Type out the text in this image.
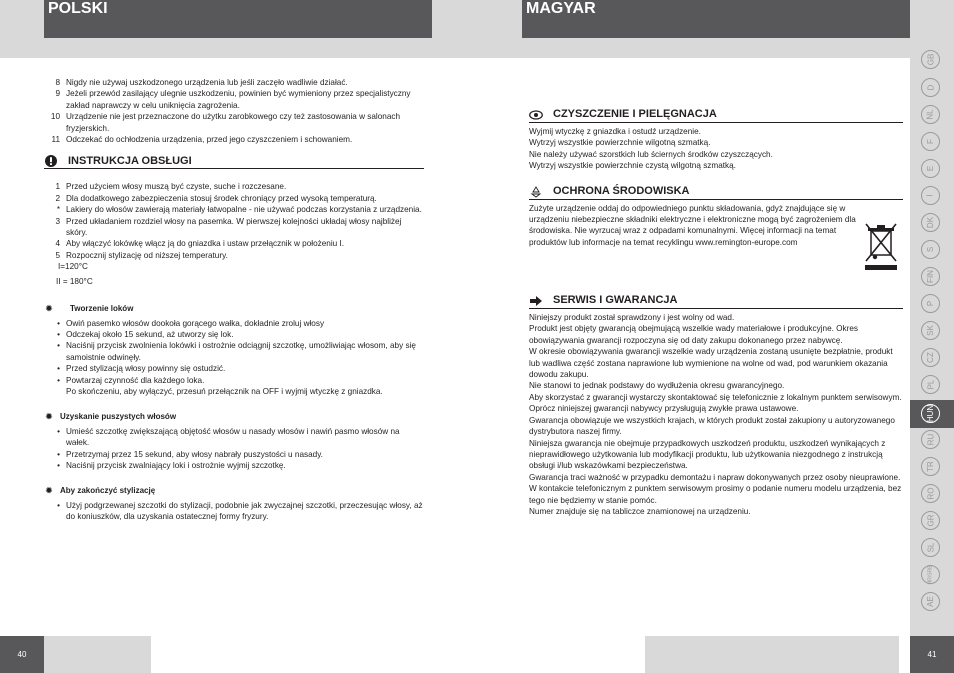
POLSKI	MAGYAR
8 Nigdy nie używaj uszkodzonego urządzenia lub jeśli zaczęło wadliwie działać.
9 Jeżeli przewód zasilający ulegnie uszkodzeniu, powinien być wymieniony przez specjalistyczny zakład naprawczy w celu uniknięcia zagrożenia.
10 Urządzenie nie jest przeznaczone do użytku zarobkowego czy też zastosowania w salonach fryzjerskich.
11 Odczekać do ochłodzenia urządzenia, przed jego czyszczeniem i schowaniem.
INSTRUKCJA OBSŁUGI
1 Przed użyciem włosy muszą być czyste, suche i rozczesane.
2 Dla dodatkowego zabezpieczenia stosuj środek chroniący przed wysoką temperaturą.
* Lakiery do włosów zawierają materiały łatwopalne - nie używać podczas korzystania z urządzenia.
3 Przed układaniem rozdziel włosy na pasemka. W pierwszej kolejności układaj włosy najbliżej skóry.
4 Aby włączyć lokówkę włącz ją do gniazdka i ustaw przełącznik w położeniu I.
5 Rozpocznij stylizację od niższej temperatury.
I=120°C
II = 180°C
✹ Tworzenie loków
• Owiń pasemko włosów dookoła gorącego wałka, dokładnie zroluj włosy
• Odczekaj około 15 sekund, aż utworzy się lok.
• Naciśnij przycisk zwolnienia lokówki i ostrożnie odciągnij szczotkę, umożliwiając włosom, aby się samoistnie odwinęły.
• Przed stylizacją włosy powinny się ostudzić.
• Powtarzaj czynność dla każdego loka.
Po skończeniu, aby wyłączyć, przesuń przełącznik na OFF i wyjmij wtyczkę z gniazdka.
✹ Uzyskanie puszystych włosów
• Umieść szczotkę zwiększającą objętość włosów u nasady włosów i nawiń pasmo włosów na wałek.
• Przetrzymaj przez 15 sekund, aby włosy nabrały puszystości u nasady.
• Naciśnij przycisk zwalniający loki i ostrożnie wyjmij szczotkę.
✹ Aby zakończyć stylizację
• Użyj podgrzewanej szczotki do stylizacji, podobnie jak zwyczajnej szczotki, przeczesując włosy, aż do koniuszków, dla uzyskania ostatecznej formy fryzury.
CZYSZCZENIE I PIELĘGNACJA
Wyjmij wtyczkę z gniazdka i ostudź urządzenie.
Wytrzyj wszystkie powierzchnie wilgotną szmatką.
Nie należy używać szorstkich lub ściernych środków czyszczących.
Wytrzyj wszystkie powierzchnie czystą wilgotną szmatką.
OCHRONA ŚRODOWISKA
Zużyte urządzenie oddaj do odpowiedniego punktu składowania, gdyż znajdujące się w urządzeniu niebezpieczne składniki elektryczne i elektroniczne mogą być zagrożeniem dla środowiska. Nie wyrzucaj wraz z odpadami komunalnymi. Więcej informacji na temat produktów lub informacje na temat recyklingu www.remington-europe.com
SERWIS I GWARANCJA
Niniejszy produkt został sprawdzony i jest wolny od wad.
Produkt jest objęty gwarancją obejmującą wszelkie wady materiałowe i produkcyjne. Okres obowiązywania gwarancji rozpoczyna się od daty zakupu dokonanego przez nabywcę.
W okresie obowiązywania gwarancji wszelkie wady urządzenia zostaną usunięte bezpłatnie, produkt lub wadliwa część zostana naprawione lub wymienione na wolne od wad, pod warunkiem okazania dowodu zakupu.
Nie stanowi to jednak podstawy do wydłużenia okresu gwarancyjnego.
Aby skorzystać z gwarancji wystarczy skontaktować się telefonicznie z lokalnym punktem serwisowym.
Oprócz niniejszej gwarancji nabywcy przysługują zwykłe prawa ustawowe.
Gwarancja obowiązuje we wszystkich krajach, w których produkt został zakupiony u autoryzowanego dystrybutora naszej firmy.
Niniejsza gwarancja nie obejmuje przypadkowych uszkodzeń produktu, uszkodzeń wynikających z nieprawidłowego użytkowania lub modyfikacji produktu, lub użytkowania niezgodnego z instrukcją obsługi i/lub wskazówkami bezpieczeństwa.
Gwarancja traci ważność w przypadku demontażu i napraw dokonywanych przez osoby nieuprawione.
W kontakcie telefonicznym z punktem serwisowym prosimy o podanie numeru modelu urządzenia, bez tego nie będziemy w stanie pomóc.
Numer znajduje się na tabliczce znamionowej na urządzeniu.
GB
D
NL
F
E
I
DK
S
FIN
P
SK
CZ
PL
HUN
RU
TR
RO
GR
SL
HR/SRB
AE
40	41
